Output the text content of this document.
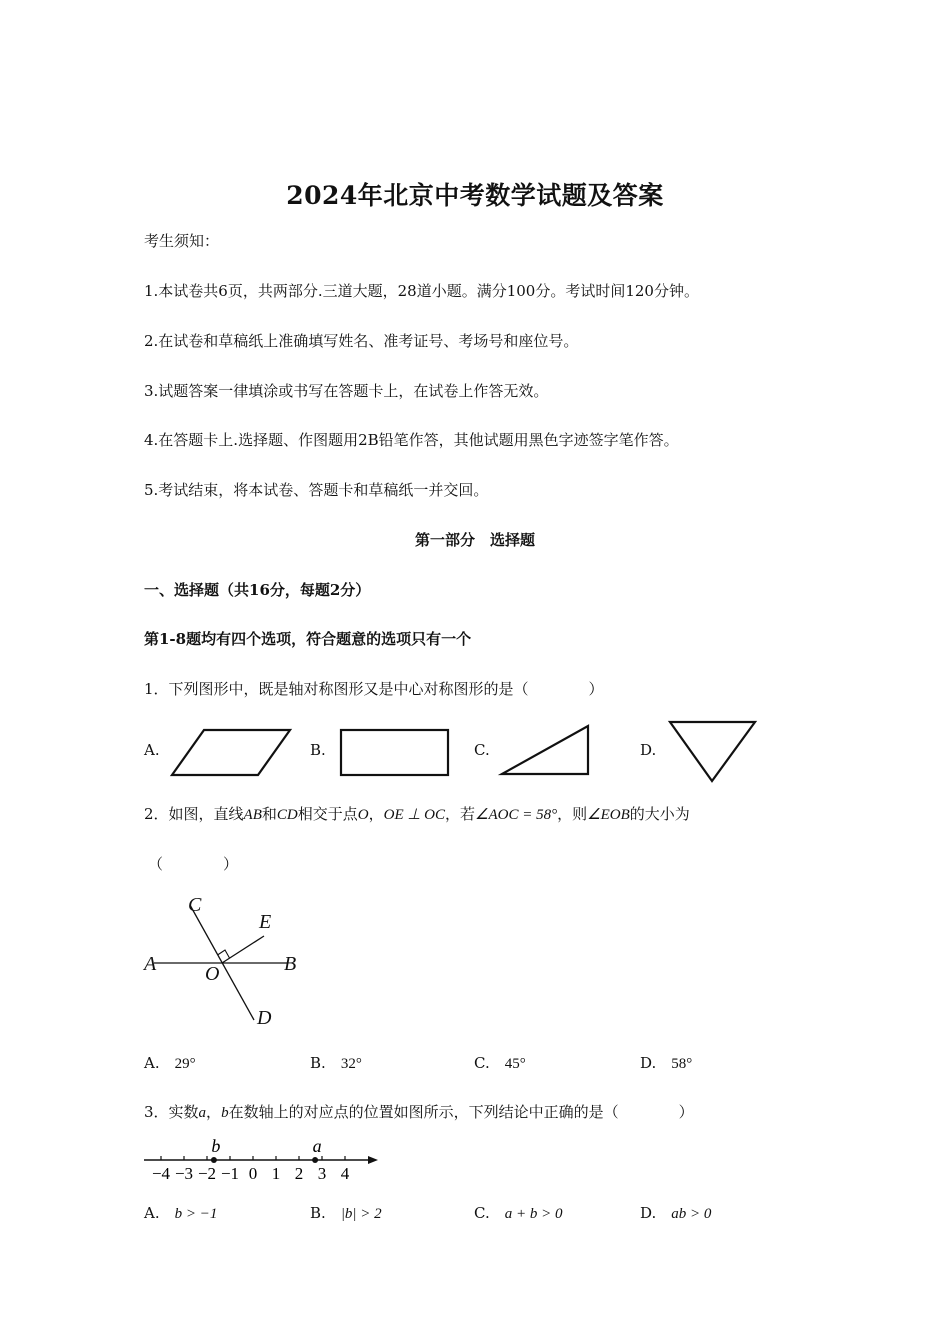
2024年北京中考数学试题及答案
考生须知：
1.本试卷共6页，共两部分.三道大题，28道小题。满分100分。考试时间120分钟。
2.在试卷和草稿纸上准确填写姓名、准考证号、考场号和座位号。
3.试题答案一律填涂或书写在答题卡上，在试卷上作答无效。
4.在答题卡上.选择题、作图题用2B铅笔作答，其他试题用黑色字迹签字笔作答。
5.考试结束，将本试卷、答题卡和草稿纸一并交回。
第一部分　选择题
一、选择题（共16分，每题2分）
第1-8题均有四个选项，符合题意的选项只有一个
1．下列图形中，既是轴对称图形又是中心对称图形的是（　　　　）
A.	B.	C.	D.
2．如图，直线AB和CD相交于点O，OE ⊥ OC，若∠AOC = 58°，则∠EOB的大小为
（　　　　）
C
E
A	B
O
D
A.　 29°	B.　 32°	C.　 45°	D.　 58°
3．实数a，b在数轴上的对应点的位置如图所示，下列结论中正确的是（　　　　）
−4 −3 −2 −1 0 1 2 3 4
b	a
A.　 b > −1	B.　 |b| > 2	C.　 a + b > 0	D.　 ab > 0
